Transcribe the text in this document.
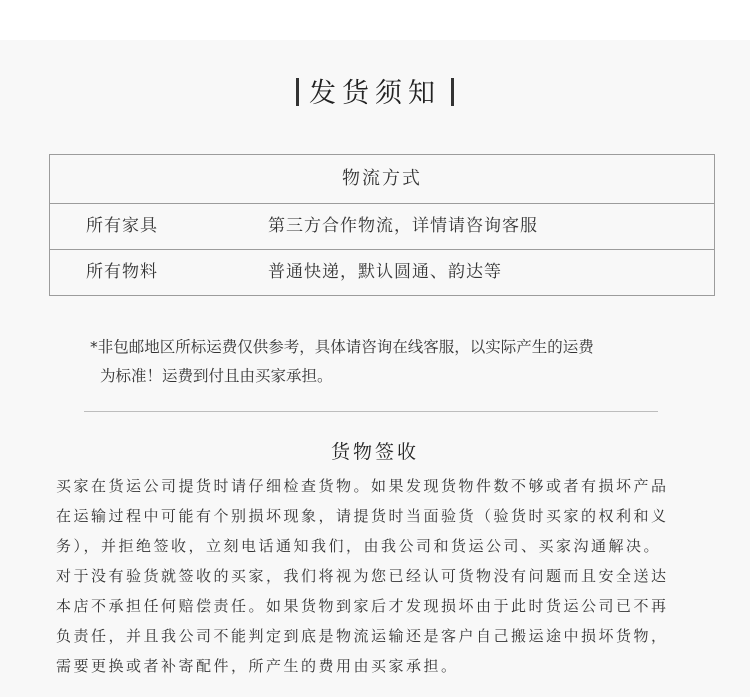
发货须知
物流方式
所有家具	第三方合作物流，详情请咨询客服
所有物料	普通快递，默认圆通、韵达等
*非包邮地区所标运费仅供参考，具体请咨询在线客服，以实际产生的运费
为标准！运费到付且由买家承担。
货物签收
买家在货运公司提货时请仔细检查货物。如果发现货物件数不够或者有损坏产品
在运输过程中可能有个别损坏现象，请提货时当面验货（验货时买家的权利和义
务），并拒绝签收，立刻电话通知我们，由我公司和货运公司、买家沟通解决。
对于没有验货就签收的买家，我们将视为您已经认可货物没有问题而且安全送达
本店不承担任何赔偿责任。如果货物到家后才发现损坏由于此时货运公司已不再
负责任，并且我公司不能判定到底是物流运输还是客户自己搬运途中损坏货物，
需要更换或者补寄配件，所产生的费用由买家承担。
